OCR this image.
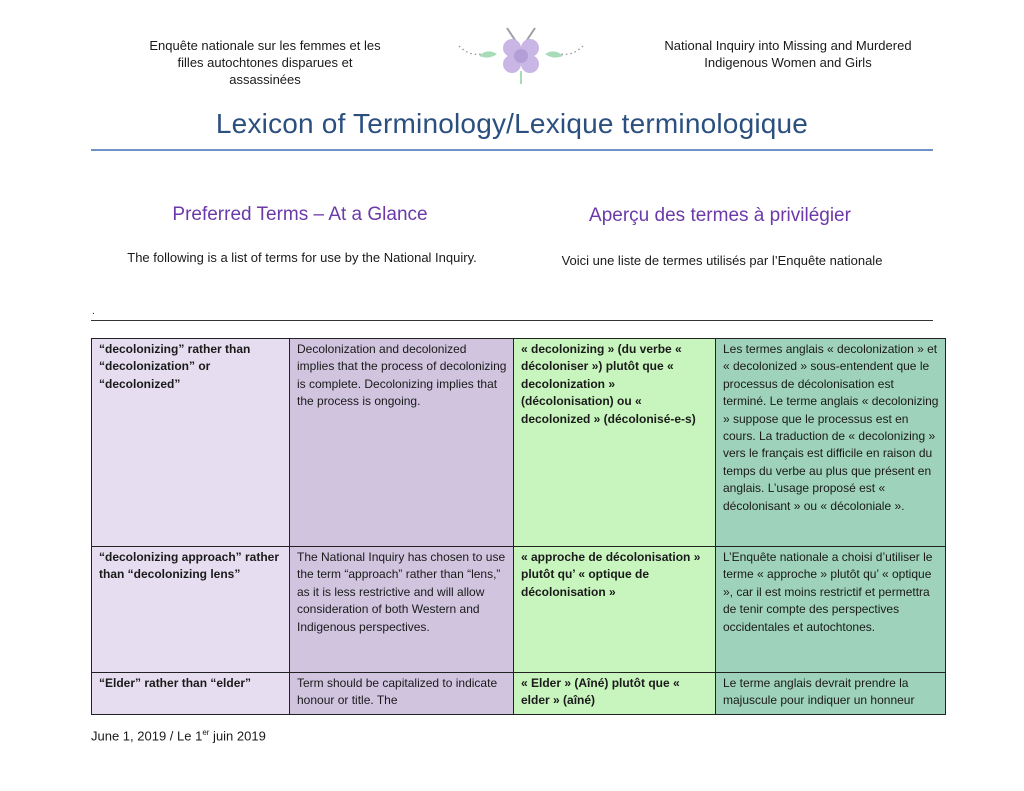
Enquête nationale sur les femmes et les
filles autochtones disparues et
assassinées
National Inquiry into Missing and Murdered
Indigenous Women and Girls
Lexicon of Terminology/Lexique terminologique
Preferred Terms – At a Glance	Aperçu des termes à privilégier
The following is a list of terms for use by the National Inquiry.	Voici une liste de termes utilisés par l’Enquête nationale
.
“decolonizing” rather than “decolonization” or “decolonized”	Decolonization and decolonized implies that the process of decolonizing is complete. Decolonizing implies that the process is ongoing.	« decolonizing » (du verbe « décoloniser ») plutôt que « decolonization » (décolonisation) ou « decolonized » (décolonisé-e-s)	Les termes anglais « decolonization » et « decolonized » sous-entendent que le processus de décolonisation est terminé. Le terme anglais « decolonizing » suppose que le processus est en cours. La traduction de « decolonizing » vers le français est difficile en raison du temps du verbe au plus que présent en anglais. L’usage proposé est « décolonisant » ou « décoloniale ».
“decolonizing approach” rather than “decolonizing lens”	The National Inquiry has chosen to use the term “approach” rather than “lens,” as it is less restrictive and will allow consideration of both Western and Indigenous perspectives.	« approche de décolonisation » plutôt qu’ « optique de décolonisation »	L’Enquête nationale a choisi d’utiliser le terme « approche » plutôt qu’ « optique », car il est moins restrictif et permettra de tenir compte des perspectives occidentales et autochtones.
“Elder” rather than “elder”	Term should be capitalized to indicate honour or title. The	« Elder » (Aîné) plutôt que « elder » (aîné)	Le terme anglais devrait prendre la majuscule pour indiquer un honneur
June 1, 2019 / Le 1er juin 2019
